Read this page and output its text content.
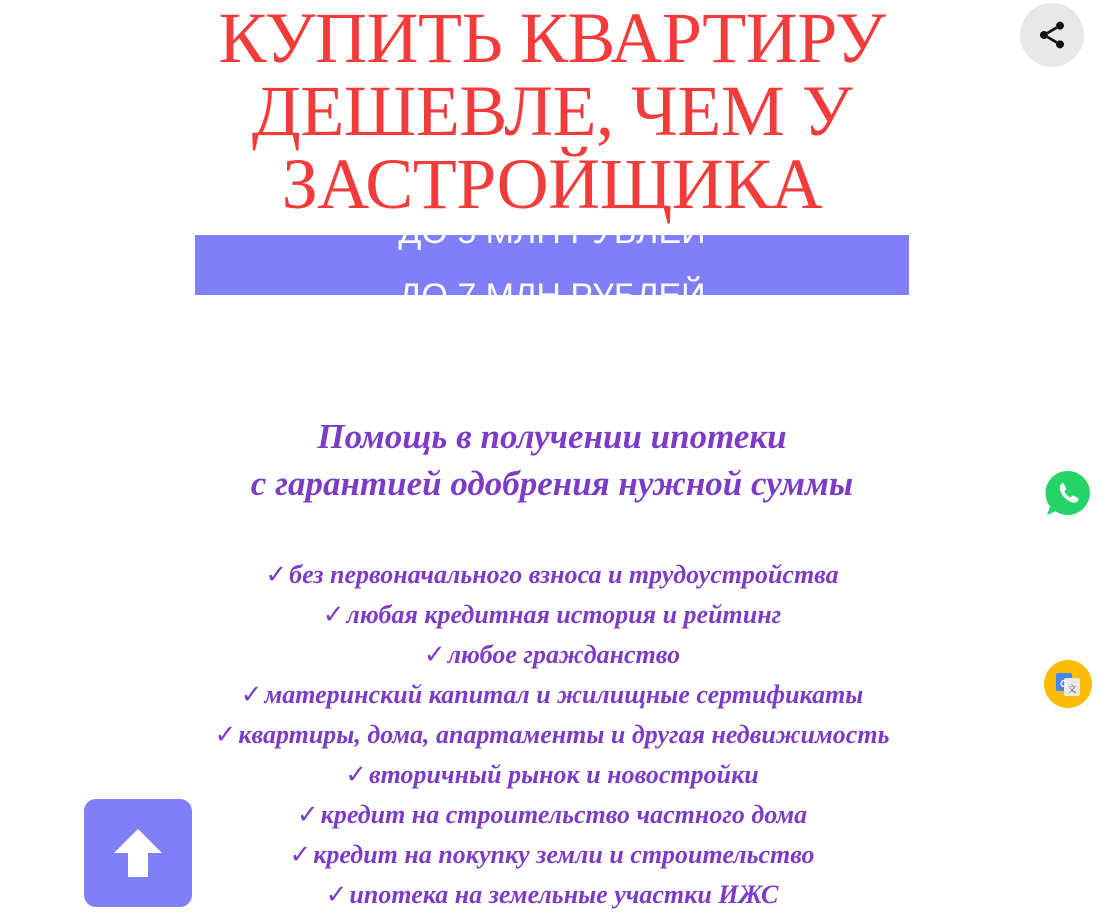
КУПИТЬ КВАРТИРУ
ДЕШЕВЛЕ, ЧЕМ У
ЗАСТРОЙЩИКА
ДО 5 МЛН РУБЛЕЙ
ДО 7 МЛН РУБЛЕЙ
Помощь в получении ипотеки
с гарантией одобрения нужной суммы
✓без первоначального взноса и трудоустройства
✓любая кредитная история и рейтинг
✓любое гражданство
✓материнский капитал и жилищные сертификаты
✓квартиры, дома, апартаменты и другая недвижимость
✓вторичный рынок и новостройки
✓кредит на строительство частного дома
✓кредит на покупку земли и строительство
✓ипотека на земельные участки ИЖС
G 文
